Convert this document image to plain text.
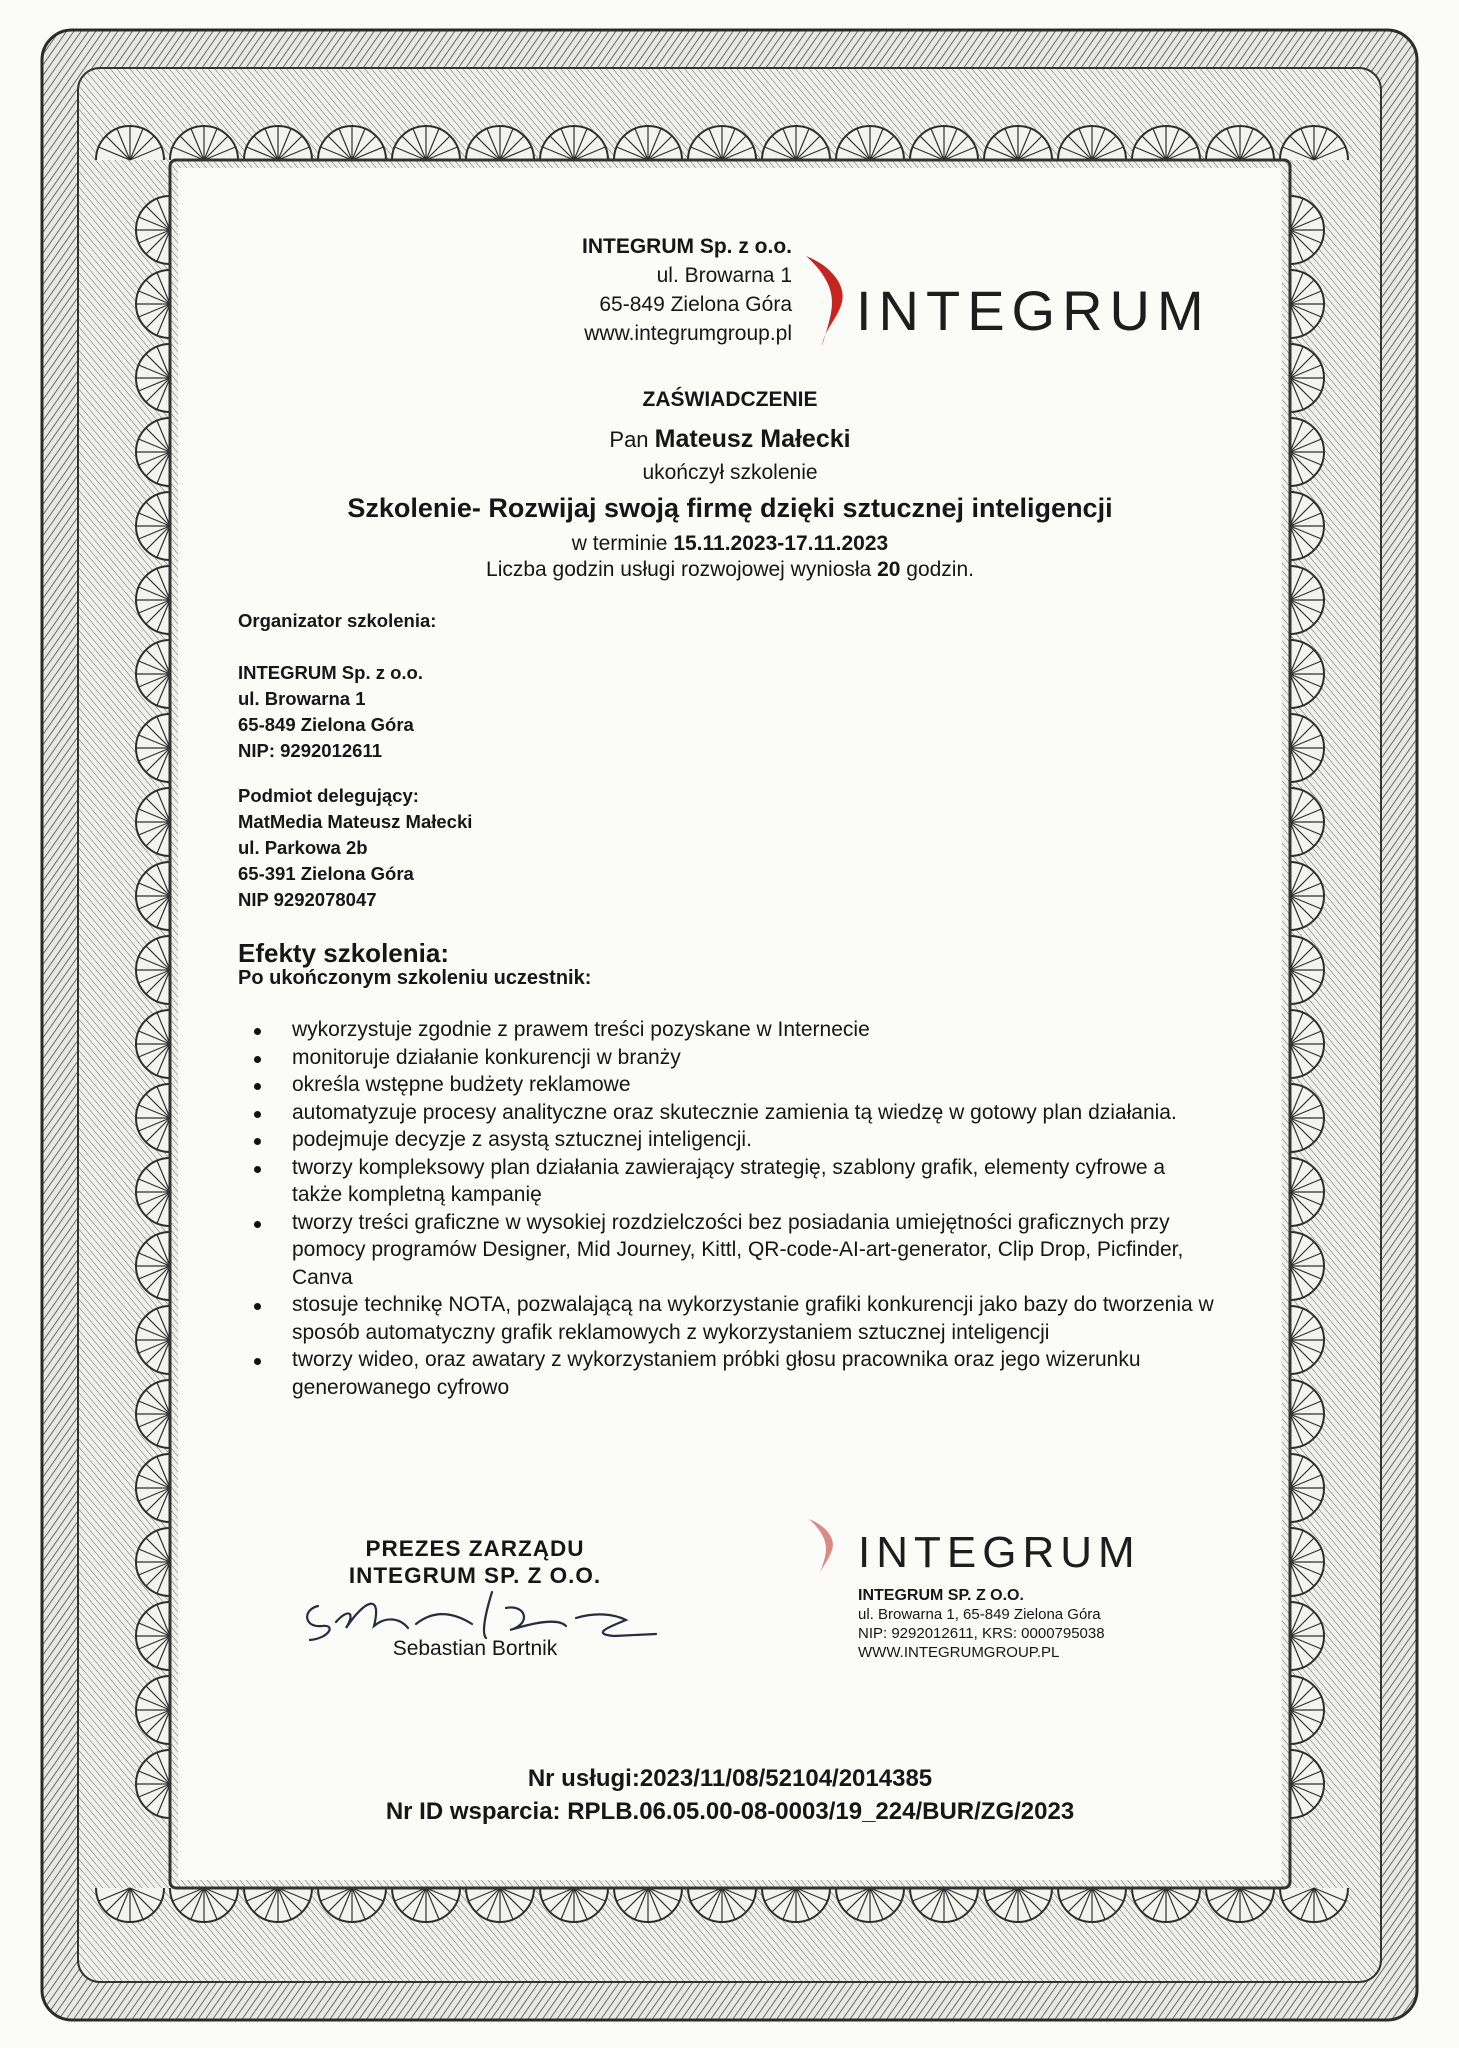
INTEGRUM Sp. z o.o.
ul. Browarna 1
65-849 Zielona Góra
www.integrumgroup.pl INTEGRUM
ZAŚWIADCZENIE
Pan Mateusz Małecki
ukończył szkolenie
Szkolenie- Rozwijaj swoją firmę dzięki sztucznej inteligencji
w terminie 15.11.2023-17.11.2023
Liczba godzin usługi rozwojowej wyniosła 20 godzin.
Organizator szkolenia:
INTEGRUM Sp. z o.o.
ul. Browarna 1
65-849 Zielona Góra
NIP: 9292012611
Podmiot delegujący:
MatMedia Mateusz Małecki
ul. Parkowa 2b
65-391 Zielona Góra
NIP 9292078047
Efekty szkolenia:
Po ukończonym szkoleniu uczestnik:
wykorzystuje zgodnie z prawem treści pozyskane w Internecie
monitoruje działanie konkurencji w branży
określa wstępne budżety reklamowe
automatyzuje procesy analityczne oraz skutecznie zamienia tą wiedzę w gotowy plan działania.
podejmuje decyzje z asystą sztucznej inteligencji.
tworzy kompleksowy plan działania zawierający strategię, szablony grafik, elementy cyfrowe a także kompletną kampanię
tworzy treści graficzne w wysokiej rozdzielczości bez posiadania umiejętności graficznych przy pomocy programów Designer, Mid Journey, Kittl, QR-code-AI-art-generator, Clip Drop, Picfinder, Canva
stosuje technikę NOTA, pozwalającą na wykorzystanie grafiki konkurencji jako bazy do tworzenia w sposób automatyczny grafik reklamowych z wykorzystaniem sztucznej inteligencji
tworzy wideo, oraz awatary z wykorzystaniem próbki głosu pracownika oraz jego wizerunku generowanego cyfrowo
PREZES ZARZĄDU
INTEGRUM SP. Z O.O.
Sebastian Bortnik
INTEGRUM
INTEGRUM SP. Z O.O.
ul. Browarna 1, 65-849 Zielona Góra
NIP: 9292012611, KRS: 0000795038
WWW.INTEGRUMGROUP.PL
Nr usługi:2023/11/08/52104/2014385
Nr ID wsparcia: RPLB.06.05.00-08-0003/19_224/BUR/ZG/2023
